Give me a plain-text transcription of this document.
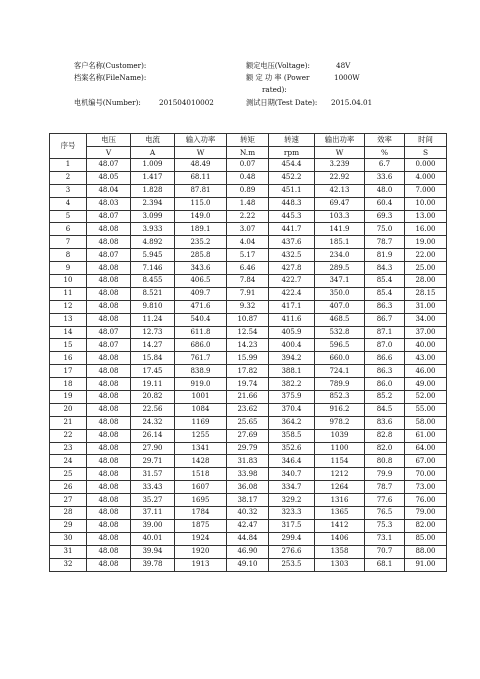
客户名称(Customer):
档案名称(FileName):
电机编号(Number):	201504010002
额定电压(Voltage):	48V
额 定 功 率 (Power	1000W
rated):
测试日期(Test Date): 2015.04.01
序号	电压	电流	输入功率	转矩	转速	输出功率	效率	时间
	V	A	W	N.m	rpm	W	%	S
1	48.07	1.009	48.49	0.07	454.4	3.239	6.7	0.000
2	48.05	1.417	68.11	0.48	452.2	22.92	33.6	4.000
3	48.04	1.828	87.81	0.89	451.1	42.13	48.0	7.000
4	48.03	2.394	115.0	1.48	448.3	69.47	60.4	10.00
5	48.07	3.099	149.0	2.22	445.3	103.3	69.3	13.00
6	48.08	3.933	189.1	3.07	441.7	141.9	75.0	16.00
7	48.08	4.892	235.2	4.04	437.6	185.1	78.7	19.00
8	48.07	5.945	285.8	5.17	432.5	234.0	81.9	22.00
9	48.08	7.146	343.6	6.46	427.8	289.5	84.3	25.00
10	48.08	8.455	406.5	7.84	422.7	347.1	85.4	28.00
11	48.08	8.521	409.7	7.91	422.4	350.0	85.4	28.15
12	48.08	9.810	471.6	9.32	417.1	407.0	86.3	31.00
13	48.08	11.24	540.4	10.87	411.6	468.5	86.7	34.00
14	48.07	12.73	611.8	12.54	405.9	532.8	87.1	37.00
15	48.07	14.27	686.0	14.23	400.4	596.5	87.0	40.00
16	48.08	15.84	761.7	15.99	394.2	660.0	86.6	43.00
17	48.08	17.45	838.9	17.82	388.1	724.1	86.3	46.00
18	48.08	19.11	919.0	19.74	382.2	789.9	86.0	49.00
19	48.08	20.82	1001	21.66	375.9	852.3	85.2	52.00
20	48.08	22.56	1084	23.62	370.4	916.2	84.5	55.00
21	48.08	24.32	1169	25.65	364.2	978.2	83.6	58.00
22	48.08	26.14	1255	27.69	358.5	1039	82.8	61.00
23	48.08	27.90	1341	29.79	352.6	1100	82.0	64.00
24	48.08	29.71	1428	31.83	346.4	1154	80.8	67.00
25	48.08	31.57	1518	33.98	340.7	1212	79.9	70.00
26	48.08	33.43	1607	36.08	334.7	1264	78.7	73.00
27	48.08	35.27	1695	38.17	329.2	1316	77.6	76.00
28	48.08	37.11	1784	40.32	323.3	1365	76.5	79.00
29	48.08	39.00	1875	42.47	317.5	1412	75.3	82.00
30	48.08	40.01	1924	44.84	299.4	1406	73.1	85.00
31	48.08	39.94	1920	46.90	276.6	1358	70.7	88.00
32	48.08	39.78	1913	49.10	253.5	1303	68.1	91.00
